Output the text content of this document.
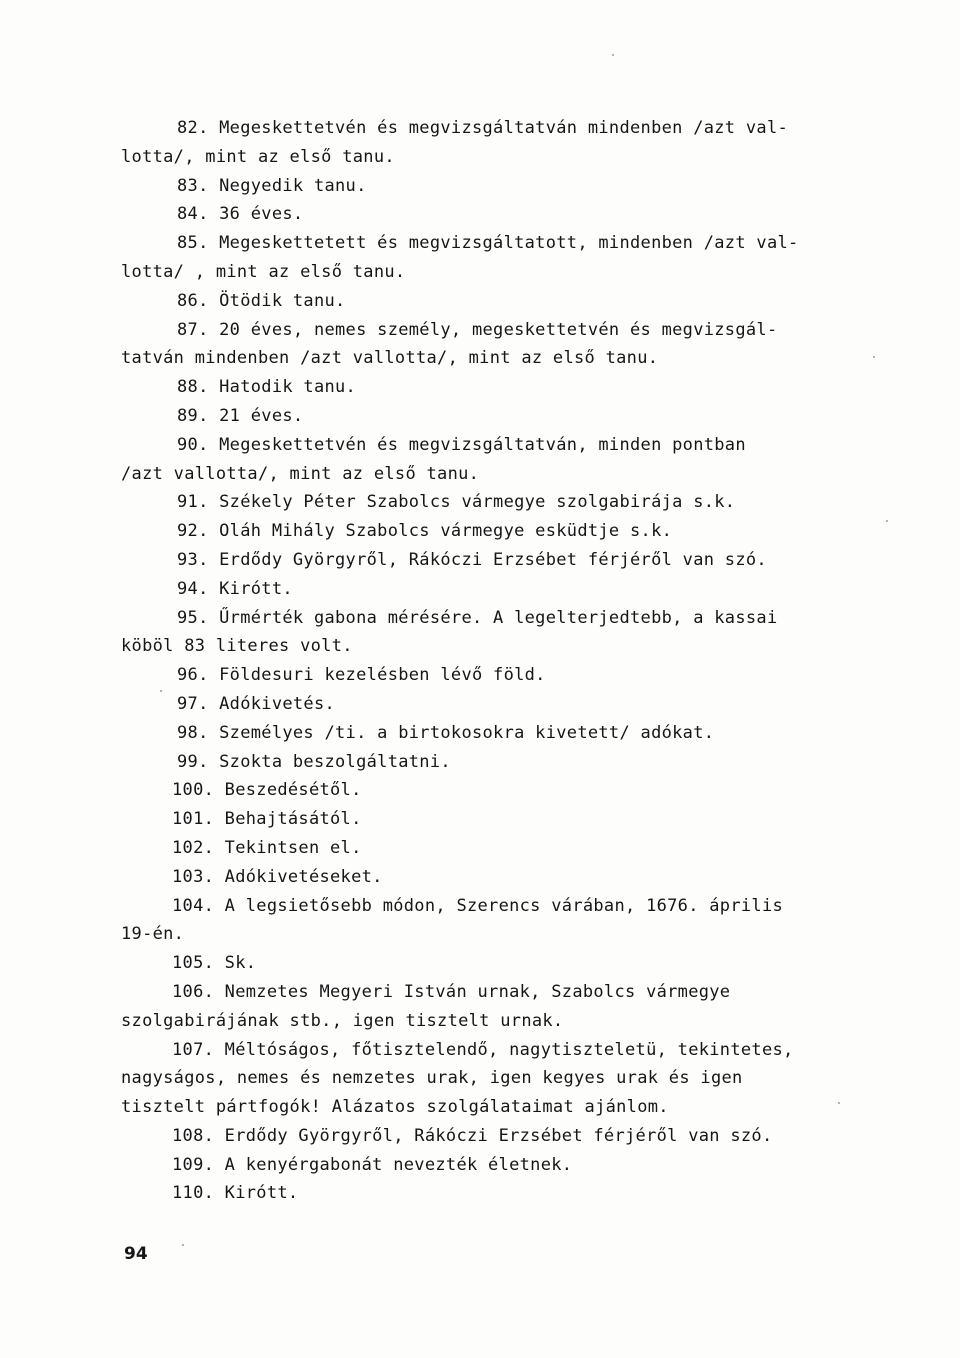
82. Megeskettetvén és megvizsgáltatván mindenben /azt val-
lotta/, mint az első tanu.
83. Negyedik tanu.
84. 36 éves.
85. Megeskettetett és megvizsgáltatott, mindenben /azt val-
lotta/ , mint az első tanu.
86. Ötödik tanu.
87. 20 éves, nemes személy, megeskettetvén és megvizsgál-
tatván mindenben /azt vallotta/, mint az első tanu.
88. Hatodik tanu.
89. 21 éves.
90. Megeskettetvén és megvizsgáltatván, minden pontban
/azt vallotta/, mint az első tanu.
91. Székely Péter Szabolcs vármegye szolgabirája s.k.
92. Oláh Mihály Szabolcs vármegye esküdtje s.k.
93. Erdődy Györgyről, Rákóczi Erzsébet férjéről van szó.
94. Kirótt.
95. Űrmérték gabona mérésére. A legelterjedtebb, a kassai
köböl 83 literes volt.
96. Földesuri kezelésben lévő föld.
97. Adókivetés.
98. Személyes /ti. a birtokosokra kivetett/ adókat.
99. Szokta beszolgáltatni.
100. Beszedésétől.
101. Behajtásától.
102. Tekintsen el.
103. Adókivetéseket.
104. A legsietősebb módon, Szerencs várában, 1676. április
19-én.
105. Sk.
106. Nemzetes Megyeri István urnak, Szabolcs vármegye
szolgabirájának stb., igen tisztelt urnak.
107. Méltóságos, főtisztelendő, nagytiszteletü, tekintetes,
nagyságos, nemes és nemzetes urak, igen kegyes urak és igen
tisztelt pártfogók! Alázatos szolgálataimat ajánlom.
108. Erdődy Györgyről, Rákóczi Erzsébet férjéről van szó.
109. A kenyérgabonát nevezték életnek.
110. Kirótt.
94
